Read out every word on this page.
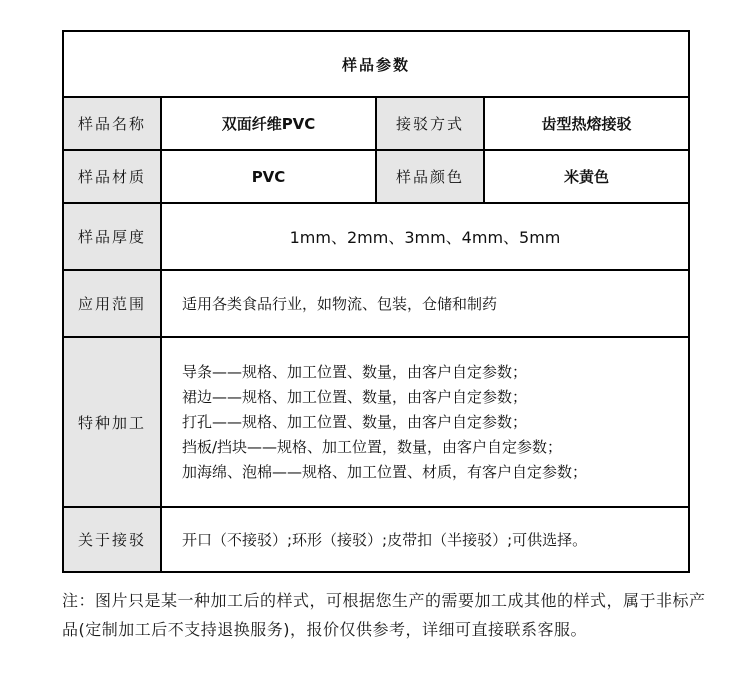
样品参数			
样品名称	双面纤维PVC	接驳方式	齿型热熔接驳
样品材质	PVC	样品颜色	米黄色
样品厚度	1mm、2mm、3mm、4mm、5mm		
应用范围	适用各类食品行业，如物流、包装，仓储和制药		
特种加工	导条——规格、加工位置、数量，由客户自定参数；
裙边——规格、加工位置、数量，由客户自定参数；
打孔——规格、加工位置、数量，由客户自定参数；
挡板/挡块——规格、加工位置，数量，由客户自定参数；
加海绵、泡棉——规格、加工位置、材质，有客户自定参数；		

关于接驳	开口（不接驳）;环形（接驳）;皮带扣（半接驳）;可供选择。		

注：图片只是某一种加工后的样式，可根据您生产的需要加工成其他的样式，属于非标产品(定制加工后不支持退换服务)，报价仅供参考，详细可直接联系客服。
